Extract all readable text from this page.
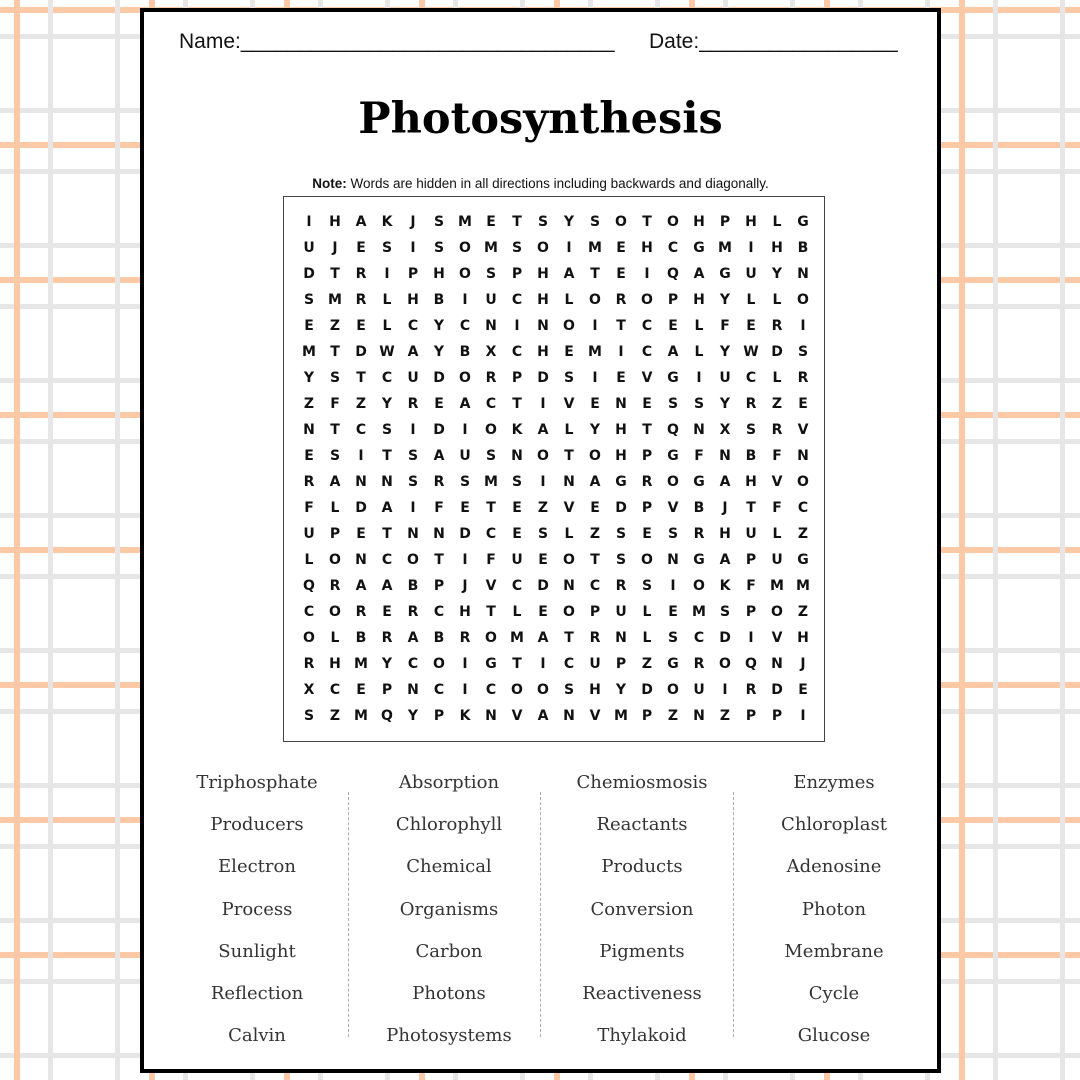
Name:________________________________ Date:_________________
Photosynthesis
Note: Words are hidden in all directions including backwards and diagonally.
I	H	A	K	J	S M	E	T	S	Y	S	O	T	O	H	P	H	L	G
U	J	E	S	I	S	O M S	O	I	M	E	H	C	G M	I	H	B
D	T	R	I	P	H	O	S	P	H	A	T	E	I	Q	A	G	U	Y	N
S M R	L	H	B	I	U	C	H	L	O	R	O	P	H	Y	L	L	O
E	Z	E	L	C	Y	C	N	I	N	O	I	T	C	E	L	F	E	R	I
M	T	D W A	Y	B	X	C	H	E	M	I	C	A	L	Y W D	S
Y	S	T	C	U	D	O	R	P	D	S	I	E	V	G	I	U	C	L	R
Z	F	Z	Y	R	E	A	C	T	I	V	E	N	E	S	S	Y	R	Z	E
N	T	C	S	I	D	I	O	K	A	L	Y	H	T	Q	N	X	S	R	V
E	S	I	T	S	A	U	S	N	O	T	O	H	P	G	F	N	B	F	N
R	A	N	N	S	R	S M S	I	N	A	G	R	O	G	A	H	V	O
F	L	D	A	I	F	E	T	E	Z	V	E	D	P	V	B	J	T	F	C
U	P	E	T	N	N	D	C	E	S	L	Z	S	E	S	R	H	U	L	Z
L	O	N	C	O	T	I	F	U	E	O	T	S	O	N	G	A	P	U	G
Q	R	A	A	B	P	J	V	C	D	N	C	R	S	I	O	K	F	M M
C	O	R	E	R	C	H	T	L	E	O	P	U	L	E	M S	P	O	Z
O	L	B	R	A	B	R	O M A	T	R	N	L	S	C	D	I	V	H
R	H M Y	C	O	I	G	T	I	C	U	P	Z	G	R	O	Q	N	J
X	C	E	P	N	C	I	C	O	O	S	H	Y	D	O	U	I	R	D	E
S	Z M Q	Y	P	K	N	V	A	N	V M P	Z	N	Z	P	P	I
Triphosphate
Producers
Electron
Process
Sunlight
Reflection
Calvin
Absorption
Chlorophyll
Chemical
Organisms
Carbon
Photons
Photosystems
Chemiosmosis
Reactants
Products
Conversion
Pigments
Reactiveness
Thylakoid
Enzymes
Chloroplast
Adenosine
Photon
Membrane
Cycle
Glucose
